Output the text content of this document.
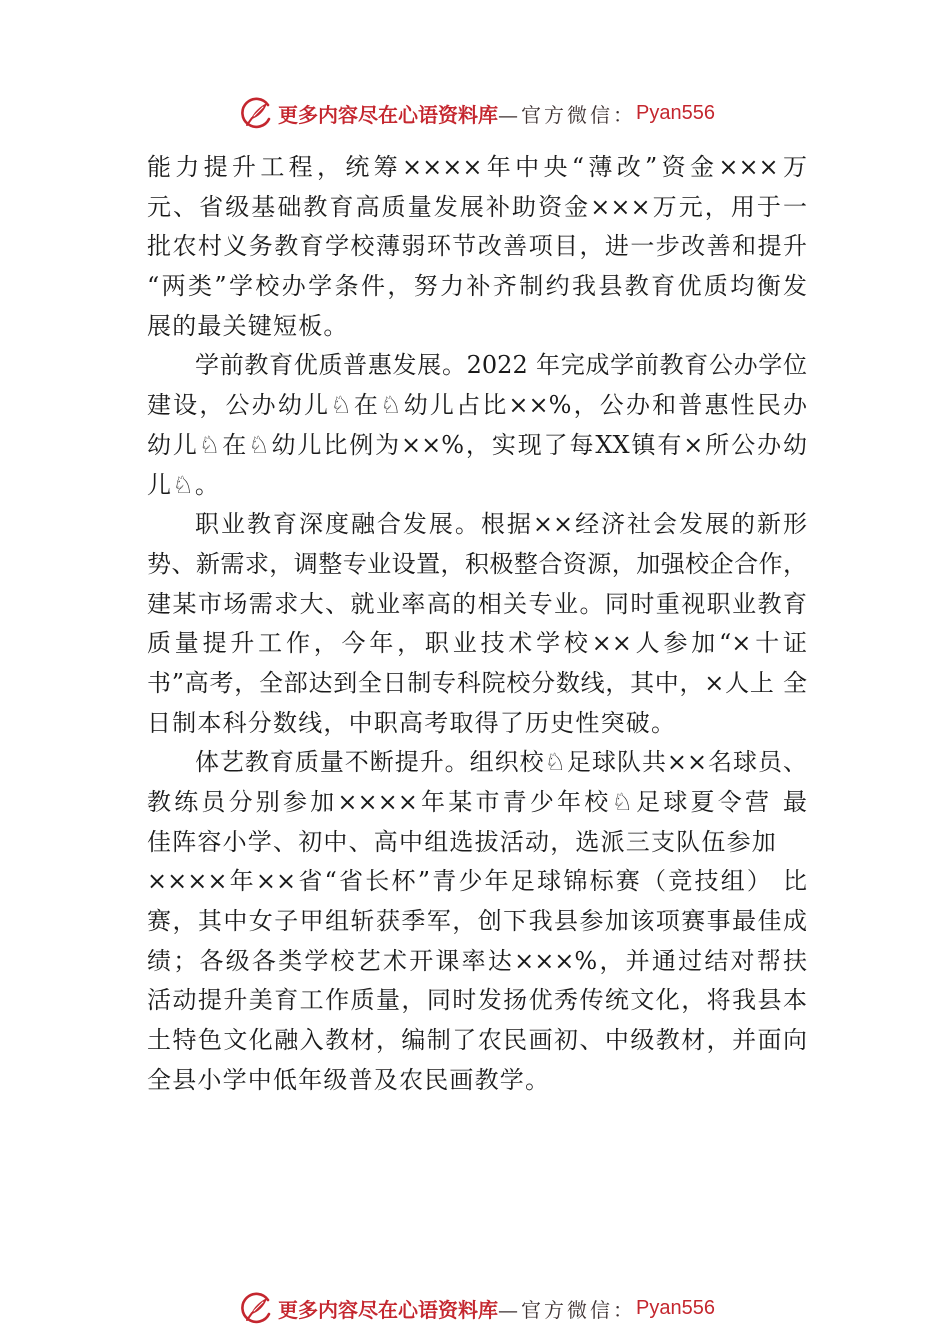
更多内容尽在心语资料库 —官方微信： Pyan556
能力提升工程，统筹××××年中央“薄改”资金×××万
元、省级基础教育高质量发展补助资金×××万元，用于一
批农村义务教育学校薄弱环节改善项目，进一步改善和提升
“两类”学校办学条件，努力补齐制约我县教育优质均衡发
展的最关键短板。
学前教育优质普惠发展。2022 年完成学前教育公办学位
建设，公办幼儿♘在♘幼儿占比××%，公办和普惠性民办
幼儿♘在♘幼儿比例为××%，实现了每XX镇有×所公办幼
儿♘。
职业教育深度融合发展。根据××经济社会发展的新形
势、新需求，调整专业设置，积极整合资源，加强校企合作，
建某市场需求大、就业率高的相关专业。同时重视职业教育
质量提升工作，今年，职业技术学校××人参加“×十证
书”高考，全部达到全日制专科院校分数线，其中，×人上 全
日制本科分数线，中职高考取得了历史性突破。
体艺教育质量不断提升。组织校♘足球队共××名球员、
教练员分别参加××××年某市青少年校♘足球夏令营 最
佳阵容小学、初中、高中组选拔活动，选派三支队伍参加
××××年××省“省长杯”青少年足球锦标赛（竞技组） 比
赛，其中女子甲组斩获季军，创下我县参加该项赛事最佳成
绩；各级各类学校艺术开课率达×××%，并通过结对帮扶
活动提升美育工作质量，同时发扬优秀传统文化，将我县本
土特色文化融入教材，编制了农民画初、中级教材，并面向
全县小学中低年级普及农民画教学。
更多内容尽在心语资料库 —官方微信： Pyan556
